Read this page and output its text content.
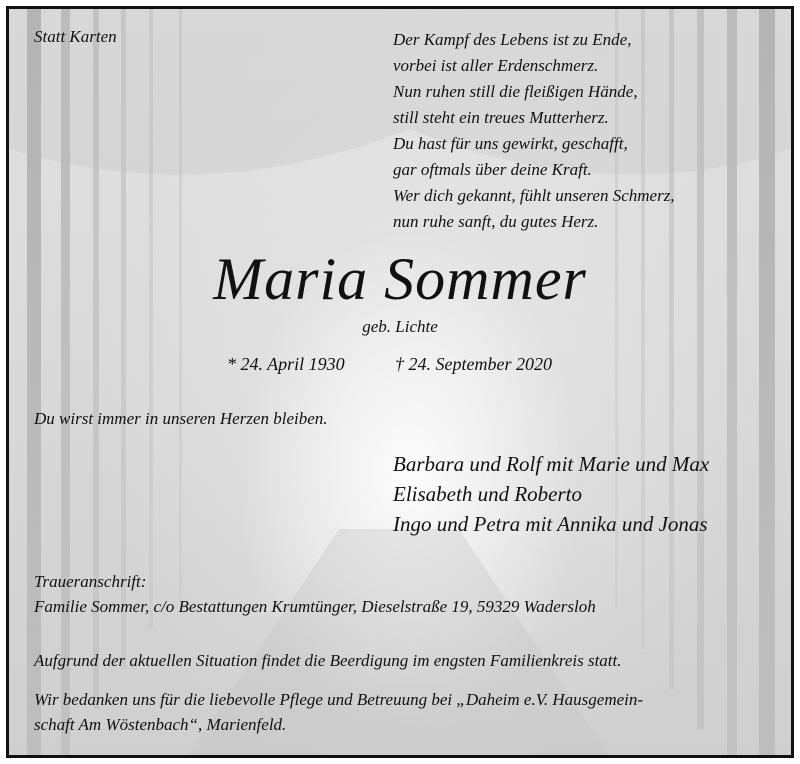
Statt Karten	Der Kampf des Lebens ist zu Ende,
vorbei ist aller Erdenschmerz.
Nun ruhen still die fleißigen Hände,
still steht ein treues Mutterherz.
Du hast für uns gewirkt, geschafft,
gar oftmals über deine Kraft.
Wer dich gekannt, fühlt unseren Schmerz,
nun ruhe sanft, du gutes Herz.

Maria Sommer

geb. Lichte

* 24. April 1930	† 24. September 2020

Du wirst immer in unseren Herzen bleiben.

Barbara und Rolf mit Marie und Max
Elisabeth und Roberto
Ingo und Petra mit Annika und Jonas
Traueranschrift:
Familie Sommer, c/o Bestattungen Krumtünger, Dieselstraße 19, 59329 Wadersloh

Aufgrund der aktuellen Situation findet die Beerdigung im engsten Familienkreis statt.

Wir bedanken uns für die liebevolle Pflege und Betreuung bei „Daheim e.V. Hausgemein-
schaft Am Wöstenbach“, Marienfeld.
